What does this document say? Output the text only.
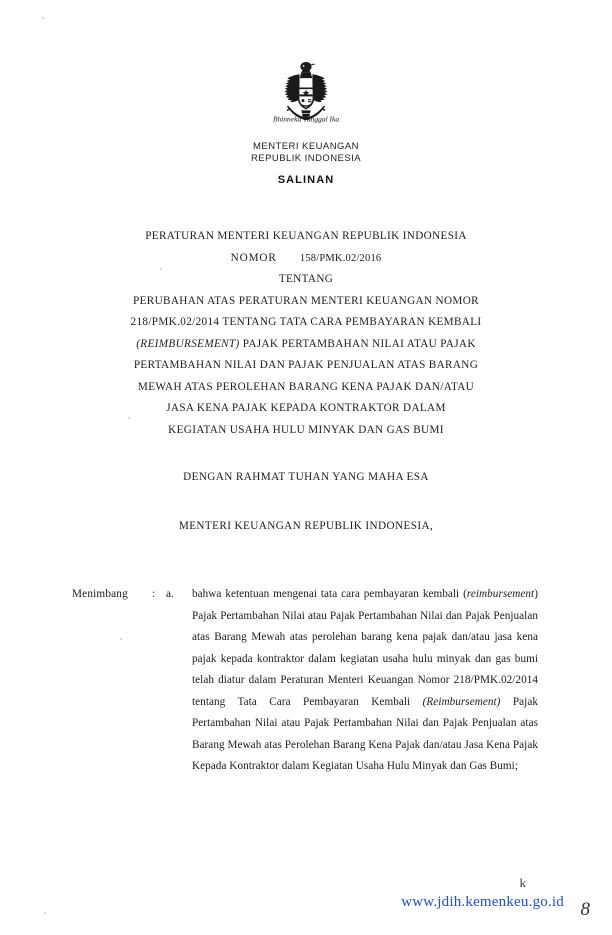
Bhinneka Tunggal Ika
MENTERI KEUANGAN
REPUBLIK INDONESIA
SALINAN
PERATURAN MENTERI KEUANGAN REPUBLIK INDONESIA
NOMOR 158/PMK.02/2016
TENTANG
PERUBAHAN ATAS PERATURAN MENTERI KEUANGAN NOMOR
218/PMK.02/2014 TENTANG TATA CARA PEMBAYARAN KEMBALI
(REIMBURSEMENT) PAJAK PERTAMBAHAN NILAI ATAU PAJAK
PERTAMBAHAN NILAI DAN PAJAK PENJUALAN ATAS BARANG
MEWAH ATAS PEROLEHAN BARANG KENA PAJAK DAN/ATAU
JASA KENA PAJAK KEPADA KONTRAKTOR DALAM
KEGIATAN USAHA HULU MINYAK DAN GAS BUMI
DENGAN RAHMAT TUHAN YANG MAHA ESA
MENTERI KEUANGAN REPUBLIK INDONESIA,
Menimbang	: a.	bahwa ketentuan mengenai tata cara pembayaran kembali (reimbursement) Pajak Pertambahan Nilai atau Pajak Pertambahan Nilai dan Pajak Penjualan atas Barang Mewah atas perolehan barang kena pajak dan/atau jasa kena pajak kepada kontraktor dalam kegiatan usaha hulu minyak dan gas bumi telah diatur dalam Peraturan Menteri Keuangan Nomor 218/PMK.02/2014 tentang Tata Cara Pembayaran Kembali (Reimbursement) Pajak Pertambahan Nilai atau Pajak Pertambahan Nilai dan Pajak Penjualan atas Barang Mewah atas Perolehan Barang Kena Pajak dan/atau Jasa Kena Pajak Kepada Kontraktor dalam Kegiatan Usaha Hulu Minyak dan Gas Bumi;
k
www.jdih.kemenkeu.go.id 8
